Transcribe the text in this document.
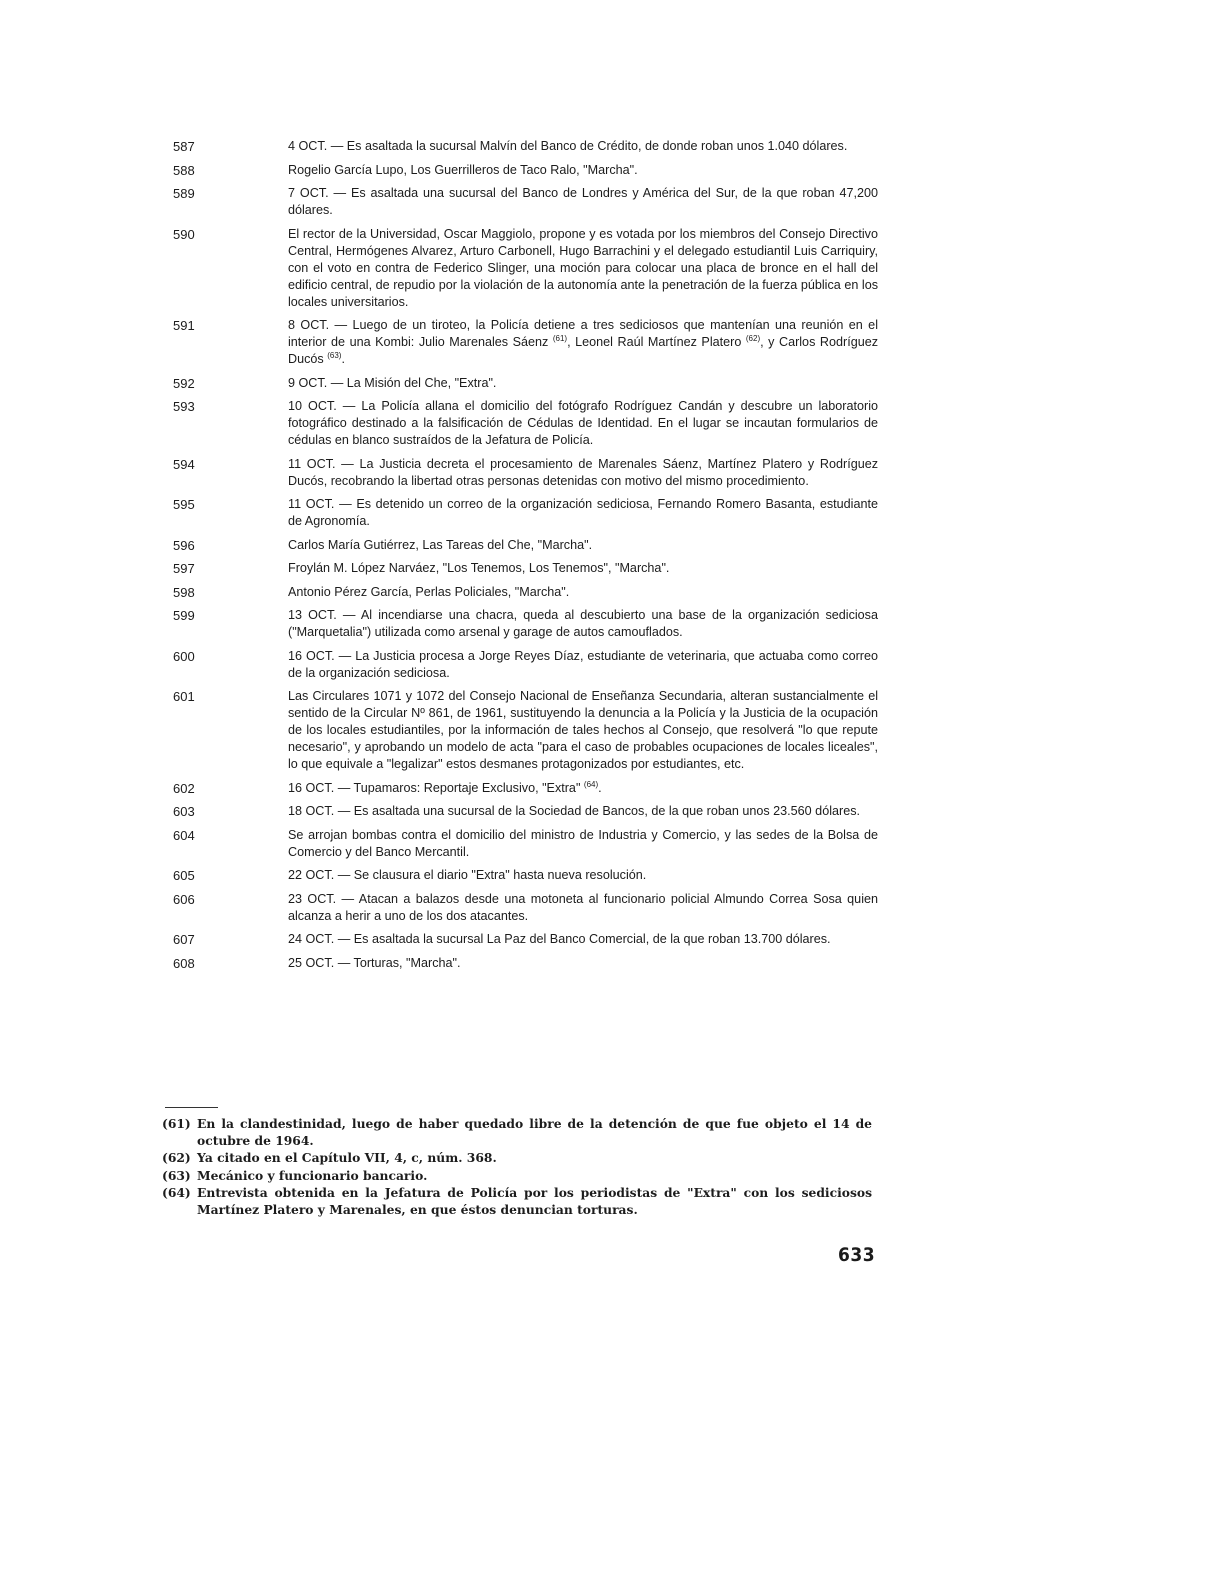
587	4 OCT. — Es asaltada la sucursal Malvín del Banco de Crédito, de donde roban unos 1.040 dólares.
588	Rogelio García Lupo, Los Guerrilleros de Taco Ralo, "Marcha".
589	7 OCT. — Es asaltada una sucursal del Banco de Londres y América del Sur, de la que roban 47,200 dólares.
590	El rector de la Universidad, Oscar Maggiolo, propone y es votada por los miembros del Consejo Directivo Central, Hermógenes Alvarez, Arturo Carbonell, Hugo Barrachini y el delegado estudiantil Luis Carriquiry, con el voto en contra de Federico Slinger, una moción para colocar una placa de bronce en el hall del edificio central, de repudio por la violación de la autonomía ante la penetración de la fuerza pública en los locales universitarios.
591	8 OCT. — Luego de un tiroteo, la Policía detiene a tres sediciosos que mantenían una reunión en el interior de una Kombi: Julio Marenales Sáenz $^{(61)}$, Leonel Raúl Martínez Platero $^{(62)}$, y Carlos Rodríguez Ducós $^{(63)}$.
592	9 OCT. — La Misión del Che, "Extra".
593	10 OCT. — La Policía allana el domicilio del fotógrafo Rodríguez Candán y descubre un laboratorio fotográfico destinado a la falsificación de Cédulas de Identidad. En el lugar se incautan formularios de cédulas en blanco sustraídos de la Jefatura de Policía.
594	11 OCT. — La Justicia decreta el procesamiento de Marenales Sáenz, Martínez Platero y Rodríguez Ducós, recobrando la libertad otras personas detenidas con motivo del mismo procedimiento.
595	11 OCT. — Es detenido un correo de la organización sediciosa, Fernando Romero Basanta, estudiante de Agronomía.
596	Carlos María Gutiérrez, Las Tareas del Che, "Marcha".
597	Froylán M. López Narváez, "Los Tenemos, Los Tenemos", "Marcha".
598	Antonio Pérez García, Perlas Policiales, "Marcha".
599	13 OCT. — Al incendiarse una chacra, queda al descubierto una base de la organización sediciosa ("Marquetalia") utilizada como arsenal y garage de autos camouflados.
600	16 OCT. — La Justicia procesa a Jorge Reyes Díaz, estudiante de veterinaria, que actuaba como correo de la organización sediciosa.
601	Las Circulares 1071 y 1072 del Consejo Nacional de Enseñanza Secundaria, alteran sustancialmente el sentido de la Circular Nº 861, de 1961, sustituyendo la denuncia a la Policía y la Justicia de la ocupación de los locales estudiantiles, por la información de tales hechos al Consejo, que resolverá "lo que repute necesario", y aprobando un modelo de acta "para el caso de probables ocupaciones de locales liceales", lo que equivale a "legalizar" estos desmanes protagonizados por estudiantes, etc.
602	16 OCT. — Tupamaros: Reportaje Exclusivo, "Extra" $^{(64)}$.
603	18 OCT. — Es asaltada una sucursal de la Sociedad de Bancos, de la que roban unos 23.560 dólares.
604	Se arrojan bombas contra el domicilio del ministro de Industria y Comercio, y las sedes de la Bolsa de Comercio y del Banco Mercantil.
605	22 OCT. — Se clausura el diario "Extra" hasta nueva resolución.
606	23 OCT. — Atacan a balazos desde una motoneta al funcionario policial Almundo Correa Sosa quien alcanza a herir a uno de los dos atacantes.
607	24 OCT. — Es asaltada la sucursal La Paz del Banco Comercial, de la que roban 13.700 dólares.
608	25 OCT. — Torturas, "Marcha".
(61) En la clandestinidad, luego de haber quedado libre de la detención de que fue objeto el 14 de octubre de 1964.
(62) Ya citado en el Capítulo VII, 4, c, núm. 368.
(63) Mecánico y funcionario bancario.
(64) Entrevista obtenida en la Jefatura de Policía por los periodistas de "Extra" con los sediciosos Martínez Platero y Marenales, en que éstos denuncian torturas.
633
